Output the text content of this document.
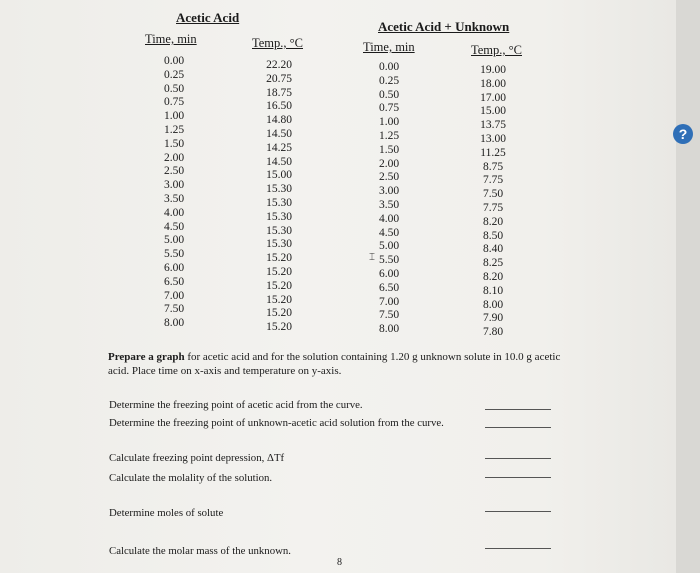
Acetic Acid
Time, min	Temp., °C
0.00
0.25
0.50
0.75
1.00
1.25
1.50
2.00
2.50
3.00
3.50
4.00
4.50
5.00
5.50
6.00
6.50
7.00
7.50
8.00
22.20
20.75
18.75
16.50
14.80
14.50
14.25
14.50
15.00
15.30
15.30
15.30
15.30
15.30
15.20
15.20
15.20
15.20
15.20
15.20
Acetic Acid + Unknown
Time, min	Temp., °C
0.00
0.25
0.50
0.75
1.00
1.25
1.50
2.00
2.50
3.00
3.50
4.00
4.50
5.00
5.50
6.00
6.50
7.00
7.50
8.00
19.00
18.00
17.00
15.00
13.75
13.00
11.25
8.75
7.75
7.50
7.75
8.20
8.50
8.40
8.25
8.20
8.10
8.00
7.90
7.80
⌶
Prepare a graph for acetic acid and for the solution containing 1.20 g unknown solute in 10.0 g acetic acid. Place time on x-axis and temperature on y-axis.
Determine the freezing point of acetic acid from the curve.
Determine the freezing point of unknown-acetic acid solution from the curve.
Calculate freezing point depression, ΔTf
Calculate the molality of the solution.
Determine moles of solute
Calculate the molar mass of the unknown.
8
?
